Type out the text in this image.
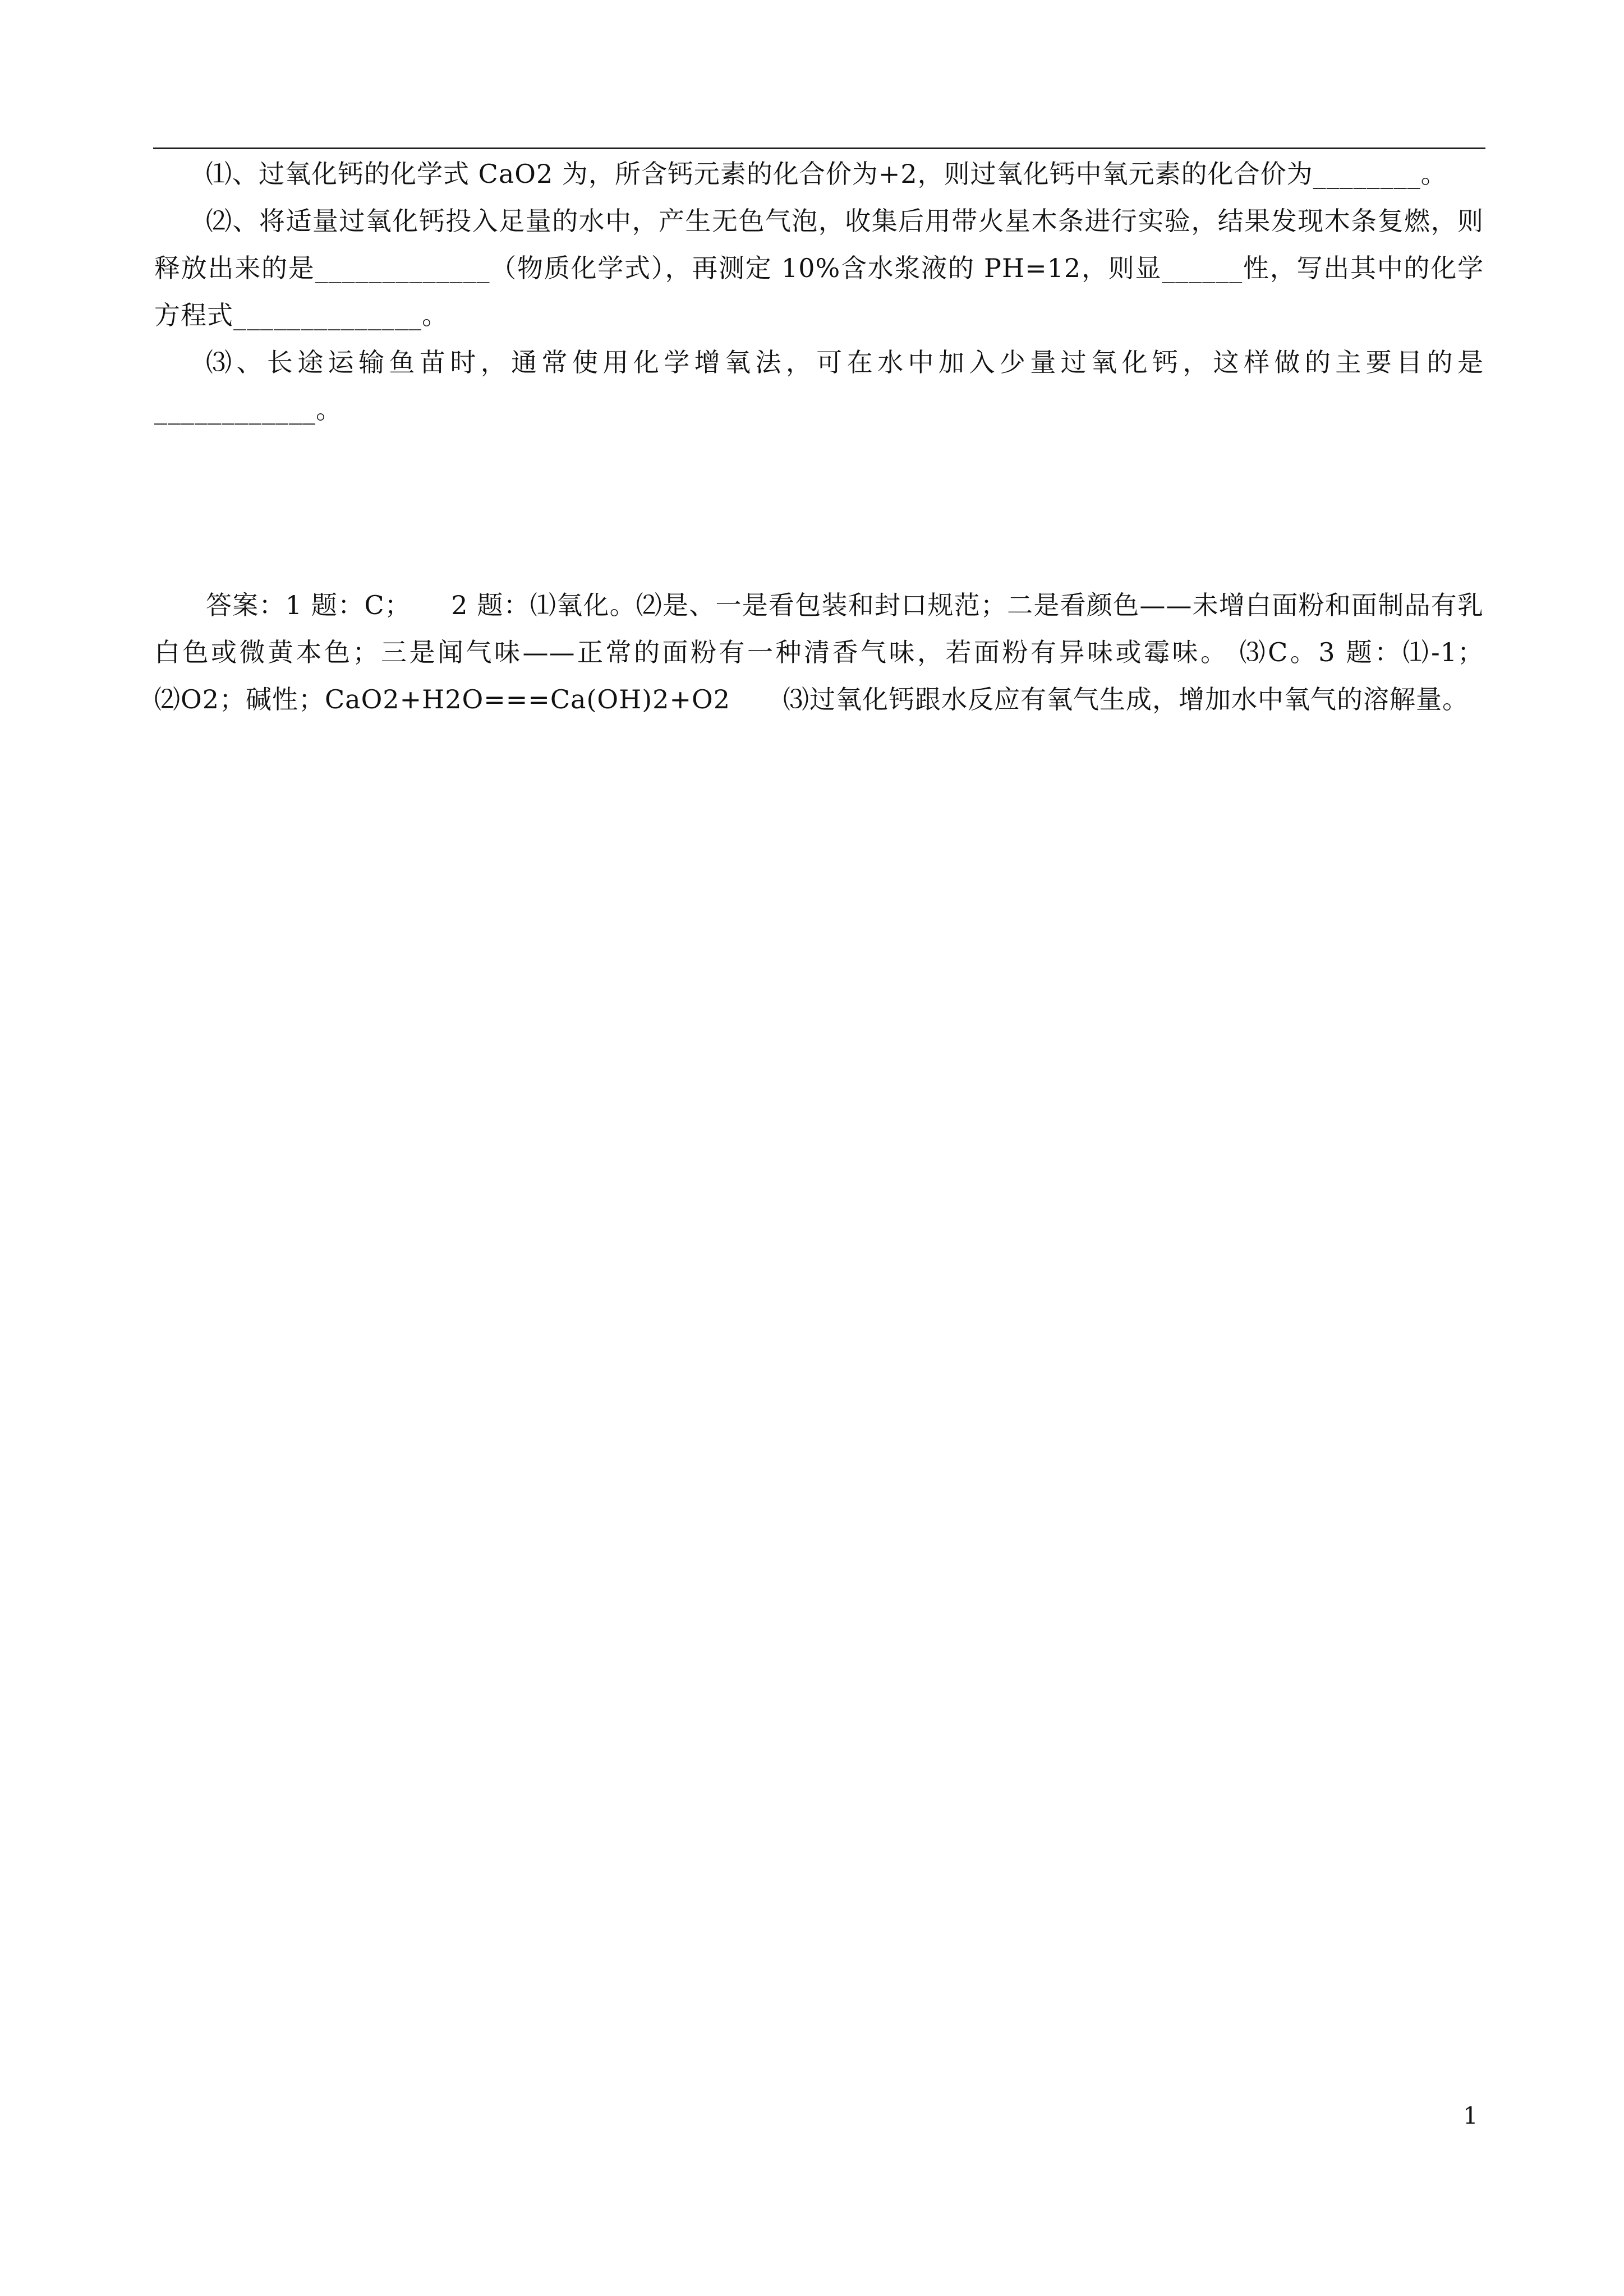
⑴、过氧化钙的化学式 CaO2 为，所含钙元素的化合价为+2，则过氧化钙中氧元素的化合价为________。

⑵、将适量过氧化钙投入足量的水中，产生无色气泡，收集后用带火星木条进行实验，结果发现木条复燃，则释放出来的是_____________（物质化学式），再测定 10%含水浆液的 PH=12，则显______性，写出其中的化学方程式______________。

⑶、长途运输鱼苗时，通常使用化学增氧法，可在水中加入少量过氧化钙，这样做的主要目的是____________。

答案：1 题：C；　　2 题：⑴氧化。⑵是、一是看包装和封口规范；二是看颜色——未增白面粉和面制品有乳白色或微黄本色；三是闻气味——正常的面粉有一种清香气味，若面粉有异味或霉味。 ⑶C。3 题：⑴-1；⑵O2；碱性；CaO2+H2O===Ca(OH)2+O2　　⑶过氧化钙跟水反应有氧气生成，增加水中氧气的溶解量。

1
